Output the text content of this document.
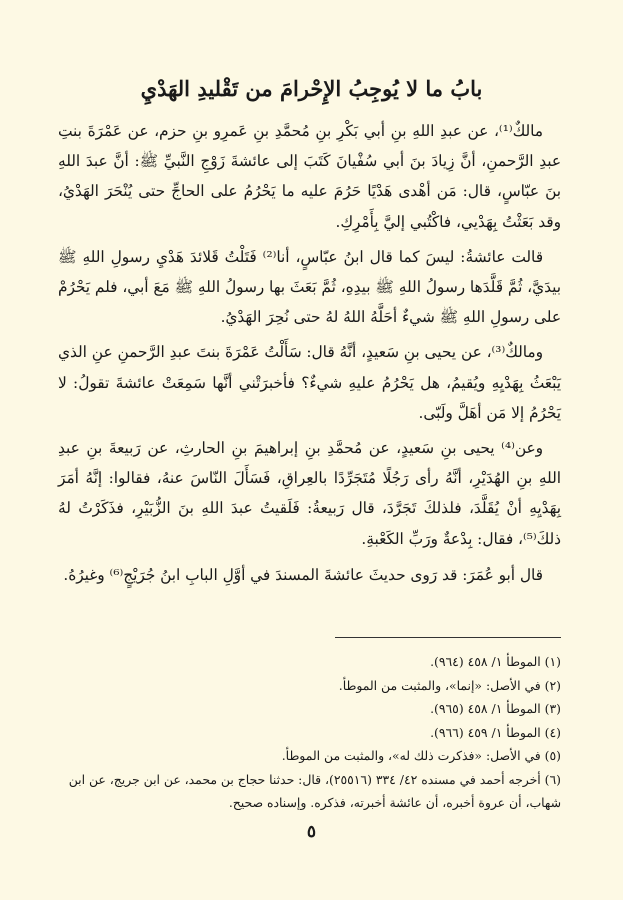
بابُ ما لا يُوجِبُ الإِحْرامَ من تَقْليدِ الهَدْيِ

مالكٌ⁽¹⁾، عن عبدِ اللهِ بنِ أبي بَكْرِ بنِ مُحمَّدِ بنِ عَمرِو بنِ حزم، عن عَمْرَةَ بنتِ عبدِ الرَّحمنِ، أنَّ زِيادَ بنَ أبي سُفْيانَ كَتَبَ إلى عائشةَ زَوْجِ النَّبيِّ ﷺ: أنَّ عبدَ اللهِ بنَ عبّاسٍ، قال: مَن أهْدى هَدْيًا حَرُمَ عليه ما يَحْرُمُ على الحاجِّ حتى يُنْحَرَ الهَدْيُ، وقد بَعَثْتُ بِهَدْيي، فاكْتُبي إليَّ بِأَمْرِكِ.

قالت عائشةُ: ليسَ كما قال ابنُ عبّاسٍ، أنا⁽²⁾ فَتَلْتُ قَلائدَ هَدْيِ رسولِ اللهِ ﷺ بيدَيَّ، ثُمَّ قَلَّدَها رسولُ اللهِ ﷺ بيدِهِ، ثُمَّ بَعَثَ بها رسولُ اللهِ ﷺ مَعَ أبي، فلم يَحْرُمْ على رسولِ اللهِ ﷺ شيءٌ أحَلَّهُ اللهُ لهُ حتى نُحِرَ الهَدْيُ.

ومالكٌ⁽³⁾، عن يحيى بنِ سَعيدٍ، أنَّهُ قال: سَأَلْتُ عَمْرَةَ بنتَ عبدِ الرَّحمنِ عنِ الذي يَبْعَثُ بِهَدْيِهِ ويُقيمُ، هل يَحْرُمُ عليهِ شيءٌ؟ فأخبرَتْني أنَّها سَمِعَتْ عائشةَ تقولُ: لا يَحْرُمُ إلا مَن أهَلَّ ولَبّى.

وعن⁽⁴⁾ يحيى بنِ سَعيدٍ، عن مُحمَّدِ بنِ إبراهيمَ بنِ الحارثِ، عن رَبيعةَ بنِ عبدِ اللهِ بنِ الهُدَيْرِ، أنَّهُ رأى رَجُلًا مُتَجَرِّدًا بالعِراقِ، فَسَأَلَ النّاسَ عنهُ، فقالوا: إنَّهُ أمَرَ بِهَدْيِهِ أنْ يُقَلَّدَ، فلذلكَ تَجَرَّدَ، قال رَبيعةُ: فَلَقيتُ عبدَ اللهِ بنَ الزُّبَيْرِ، فذَكَرْتُ لهُ ذلكَ⁽⁵⁾، فقال: بِدْعةٌ ورَبِّ الكَعْبةِ.

قال أبو عُمَرَ: قد رَوى حديثَ عائشةَ المسندَ في أوَّلِ البابِ ابنُ جُرَيْجٍ⁽⁶⁾ وغيرُهُ.

(١) الموطأ ١/ ٤٥٨ (٩٦٤).

(٢) في الأصل: «إنما»، والمثبت من الموطأ.

(٣) الموطأ ١/ ٤٥٨ (٩٦٥).

(٤) الموطأ ١/ ٤٥٩ (٩٦٦).

(٥) في الأصل: «فذكرت ذلك له»، والمثبت من الموطأ.

(٦) أخرجه أحمد في مسنده ٤٢/ ٣٣٤ (٢٥٥١٦)، قال: حدثنا حجاج بن محمد، عن ابن جريج، عن ابن شهاب، أن عروة أخبره، أن عائشة أخبرته، فذكره. وإسناده صحيح.

٥
